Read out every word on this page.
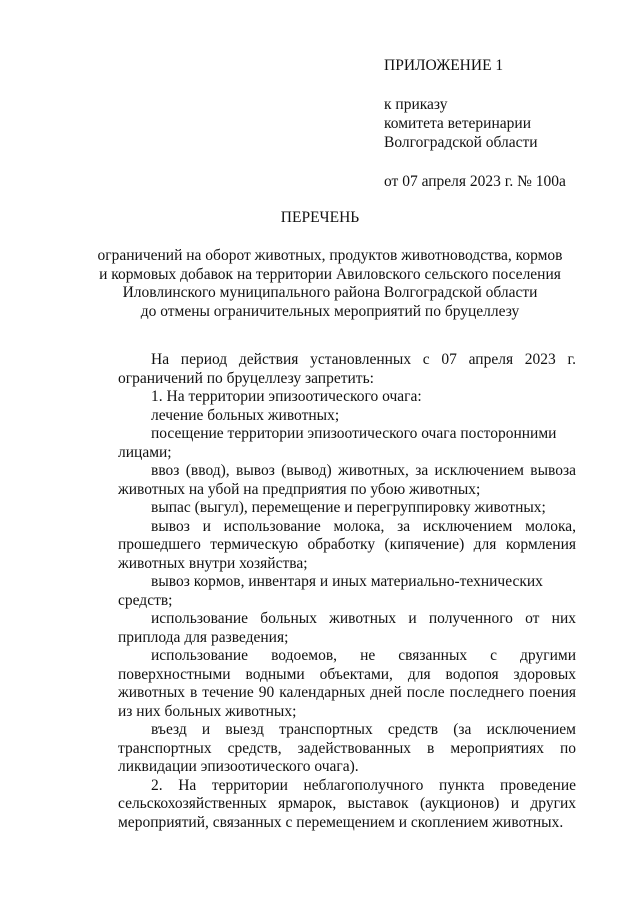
ПРИЛОЖЕНИЕ 1
к приказу
комитета ветеринарии
Волгоградской области
от 07 апреля 2023 г. № 100а
ПЕРЕЧЕНЬ
ограничений на оборот животных, продуктов животноводства, кормов
и кормовых добавок на территории Авиловского сельского поселения
Иловлинского муниципального района Волгоградской области
до отмены ограничительных мероприятий по бруцеллезу

На период действия установленных с 07 апреля 2023 г. ограничений по бруцеллезу запретить:

1. На территории эпизоотического очага:

лечение больных животных;

посещение территории эпизоотического очага посторонними лицами;

ввоз (ввод), вывоз (вывод) животных, за исключением вывоза животных на убой на предприятия по убою животных;

выпас (выгул), перемещение и перегруппировку животных;

вывоз и использование молока, за исключением молока, прошедшего термическую обработку (кипячение) для кормления животных внутри хозяйства;

вывоз кормов, инвентаря и иных материально-технических средств;

использование больных животных и полученного от них приплода для разведения;

использование водоемов, не связанных с другими поверхностными водными объектами, для водопоя здоровых животных в течение 90 календарных дней после последнего поения из них больных животных;

въезд и выезд транспортных средств (за исключением транспортных средств, задействованных в мероприятиях по ликвидации эпизоотического очага).

2. На территории неблагополучного пункта проведение сельскохозяйственных ярмарок, выставок (аукционов) и других мероприятий, связанных с перемещением и скоплением животных.
